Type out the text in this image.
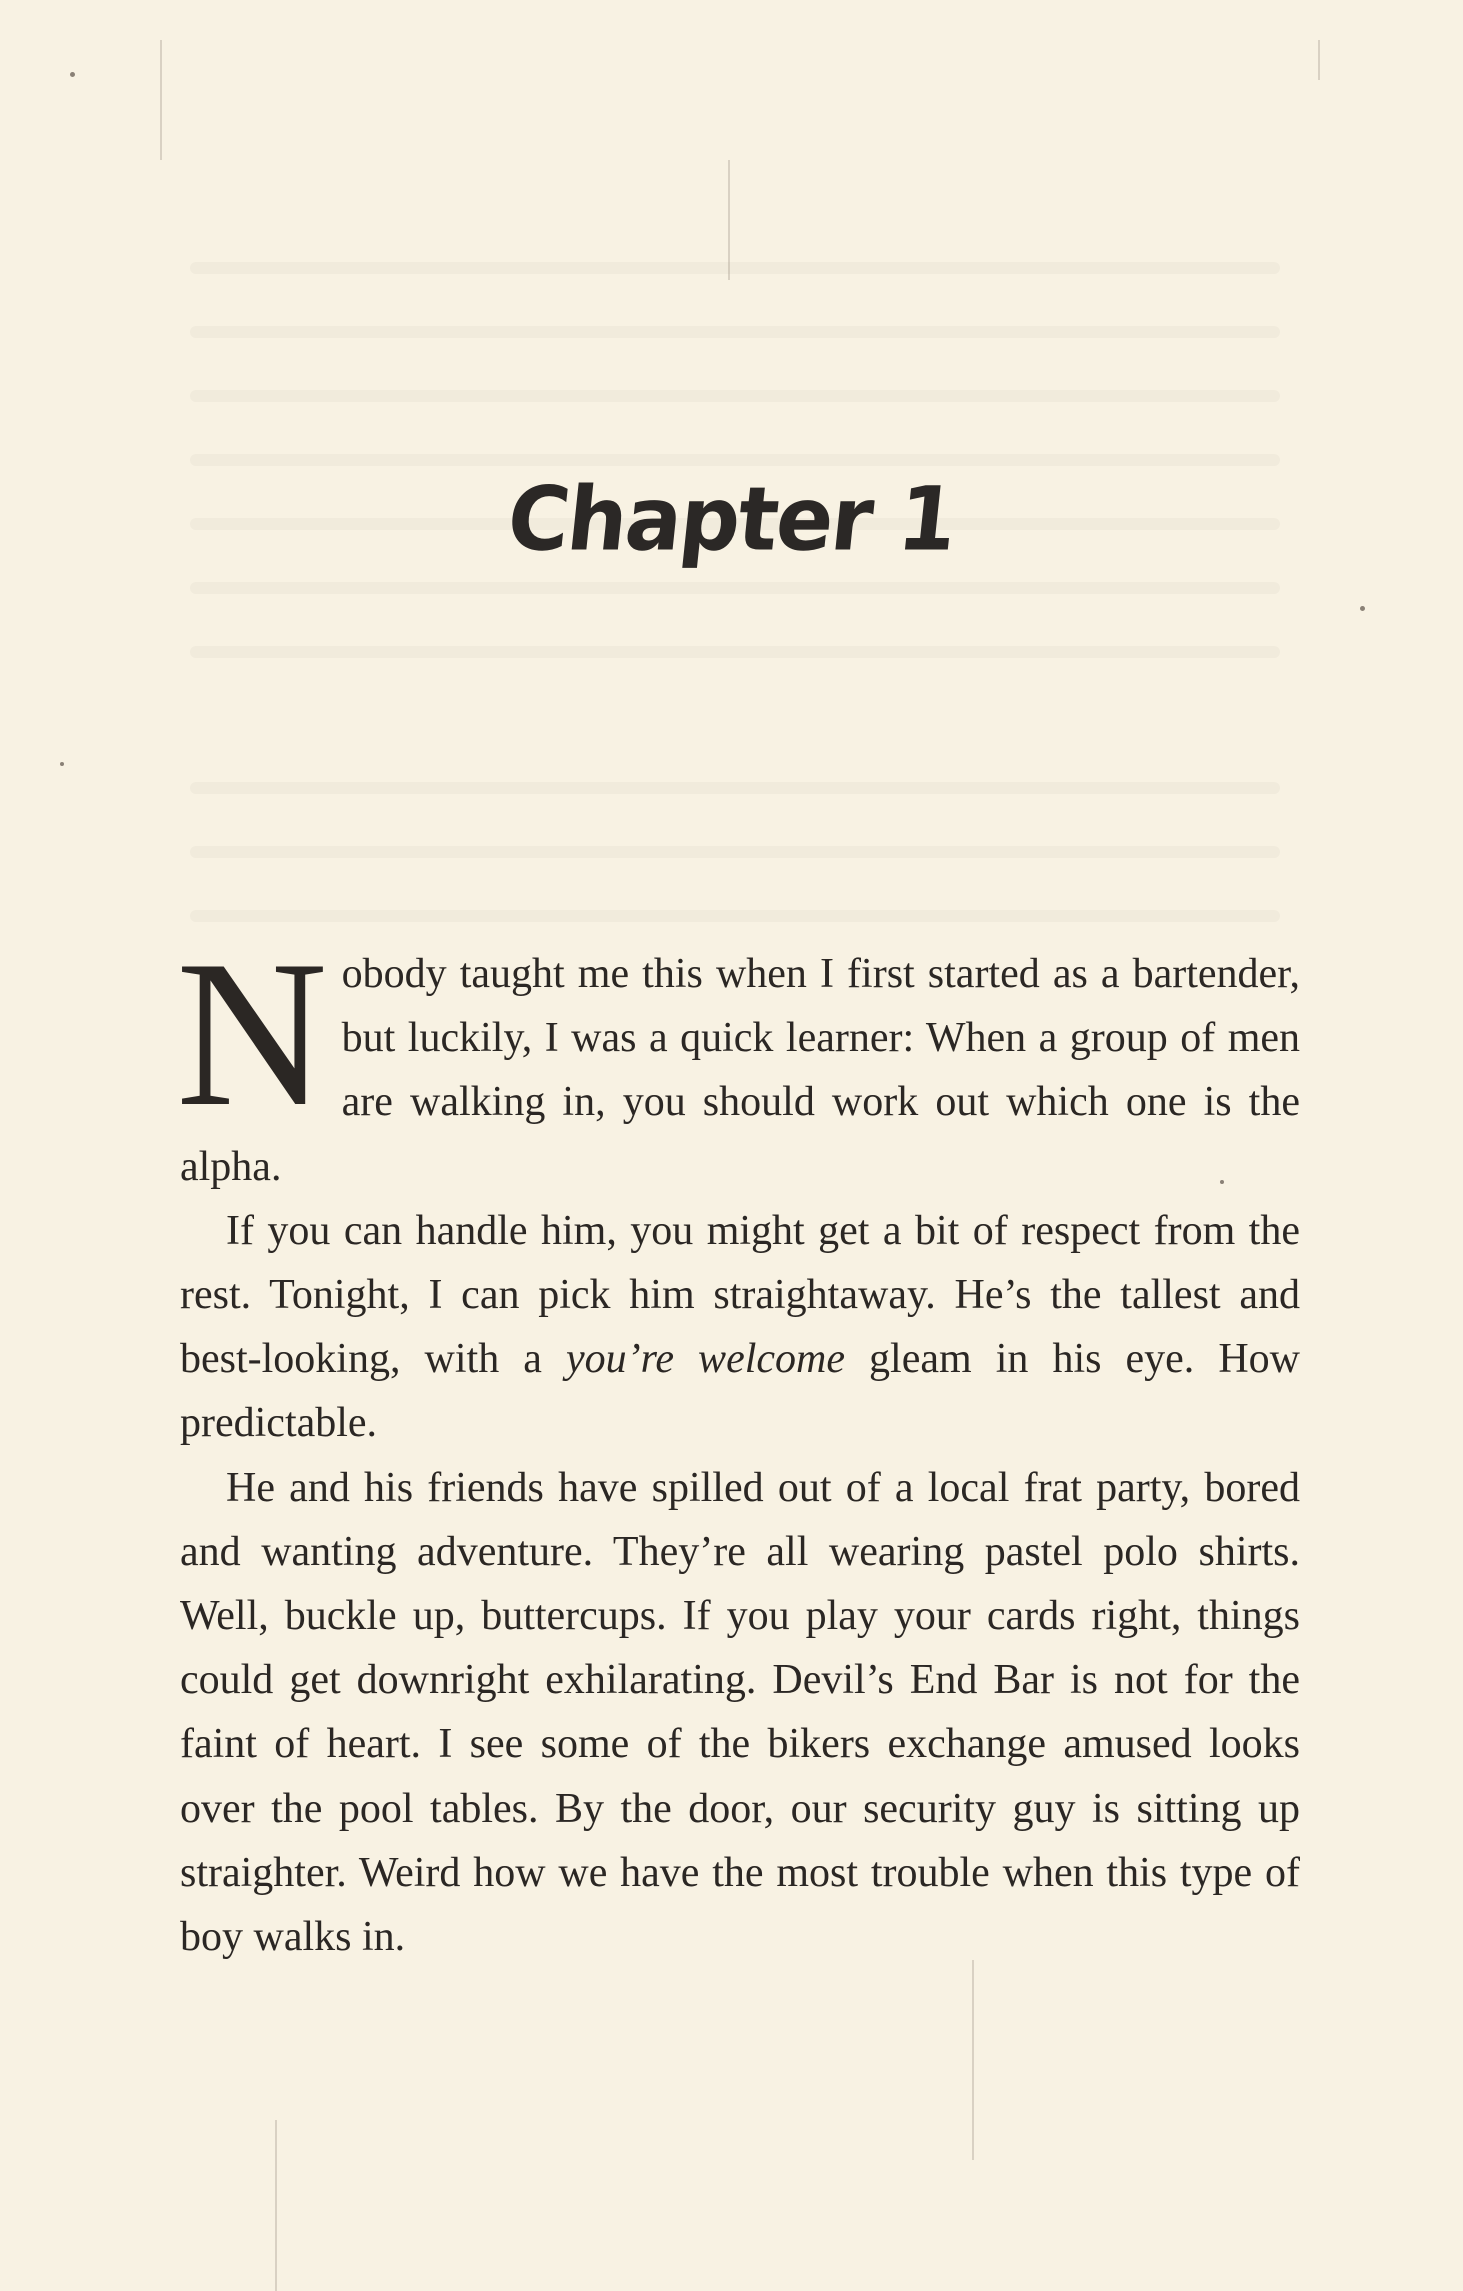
Chapter 1

Nobody taught me this when I first started as a bartender, but luckily, I was a quick learner: When a group of men are walking in, you should work out which one is the alpha.

If you can handle him, you might get a bit of respect from the rest. Tonight, I can pick him straightaway. He’s the tallest and best-looking, with a you’re welcome gleam in his eye. How predictable.

He and his friends have spilled out of a local frat party, bored and wanting adventure. They’re all wearing pastel polo shirts. Well, buckle up, buttercups. If you play your cards right, things could get downright exhilarating. Devil’s End Bar is not for the faint of heart. I see some of the bikers exchange amused looks over the pool tables. By the door, our security guy is sitting up straighter. Weird how we have the most trouble when this type of boy walks in.
